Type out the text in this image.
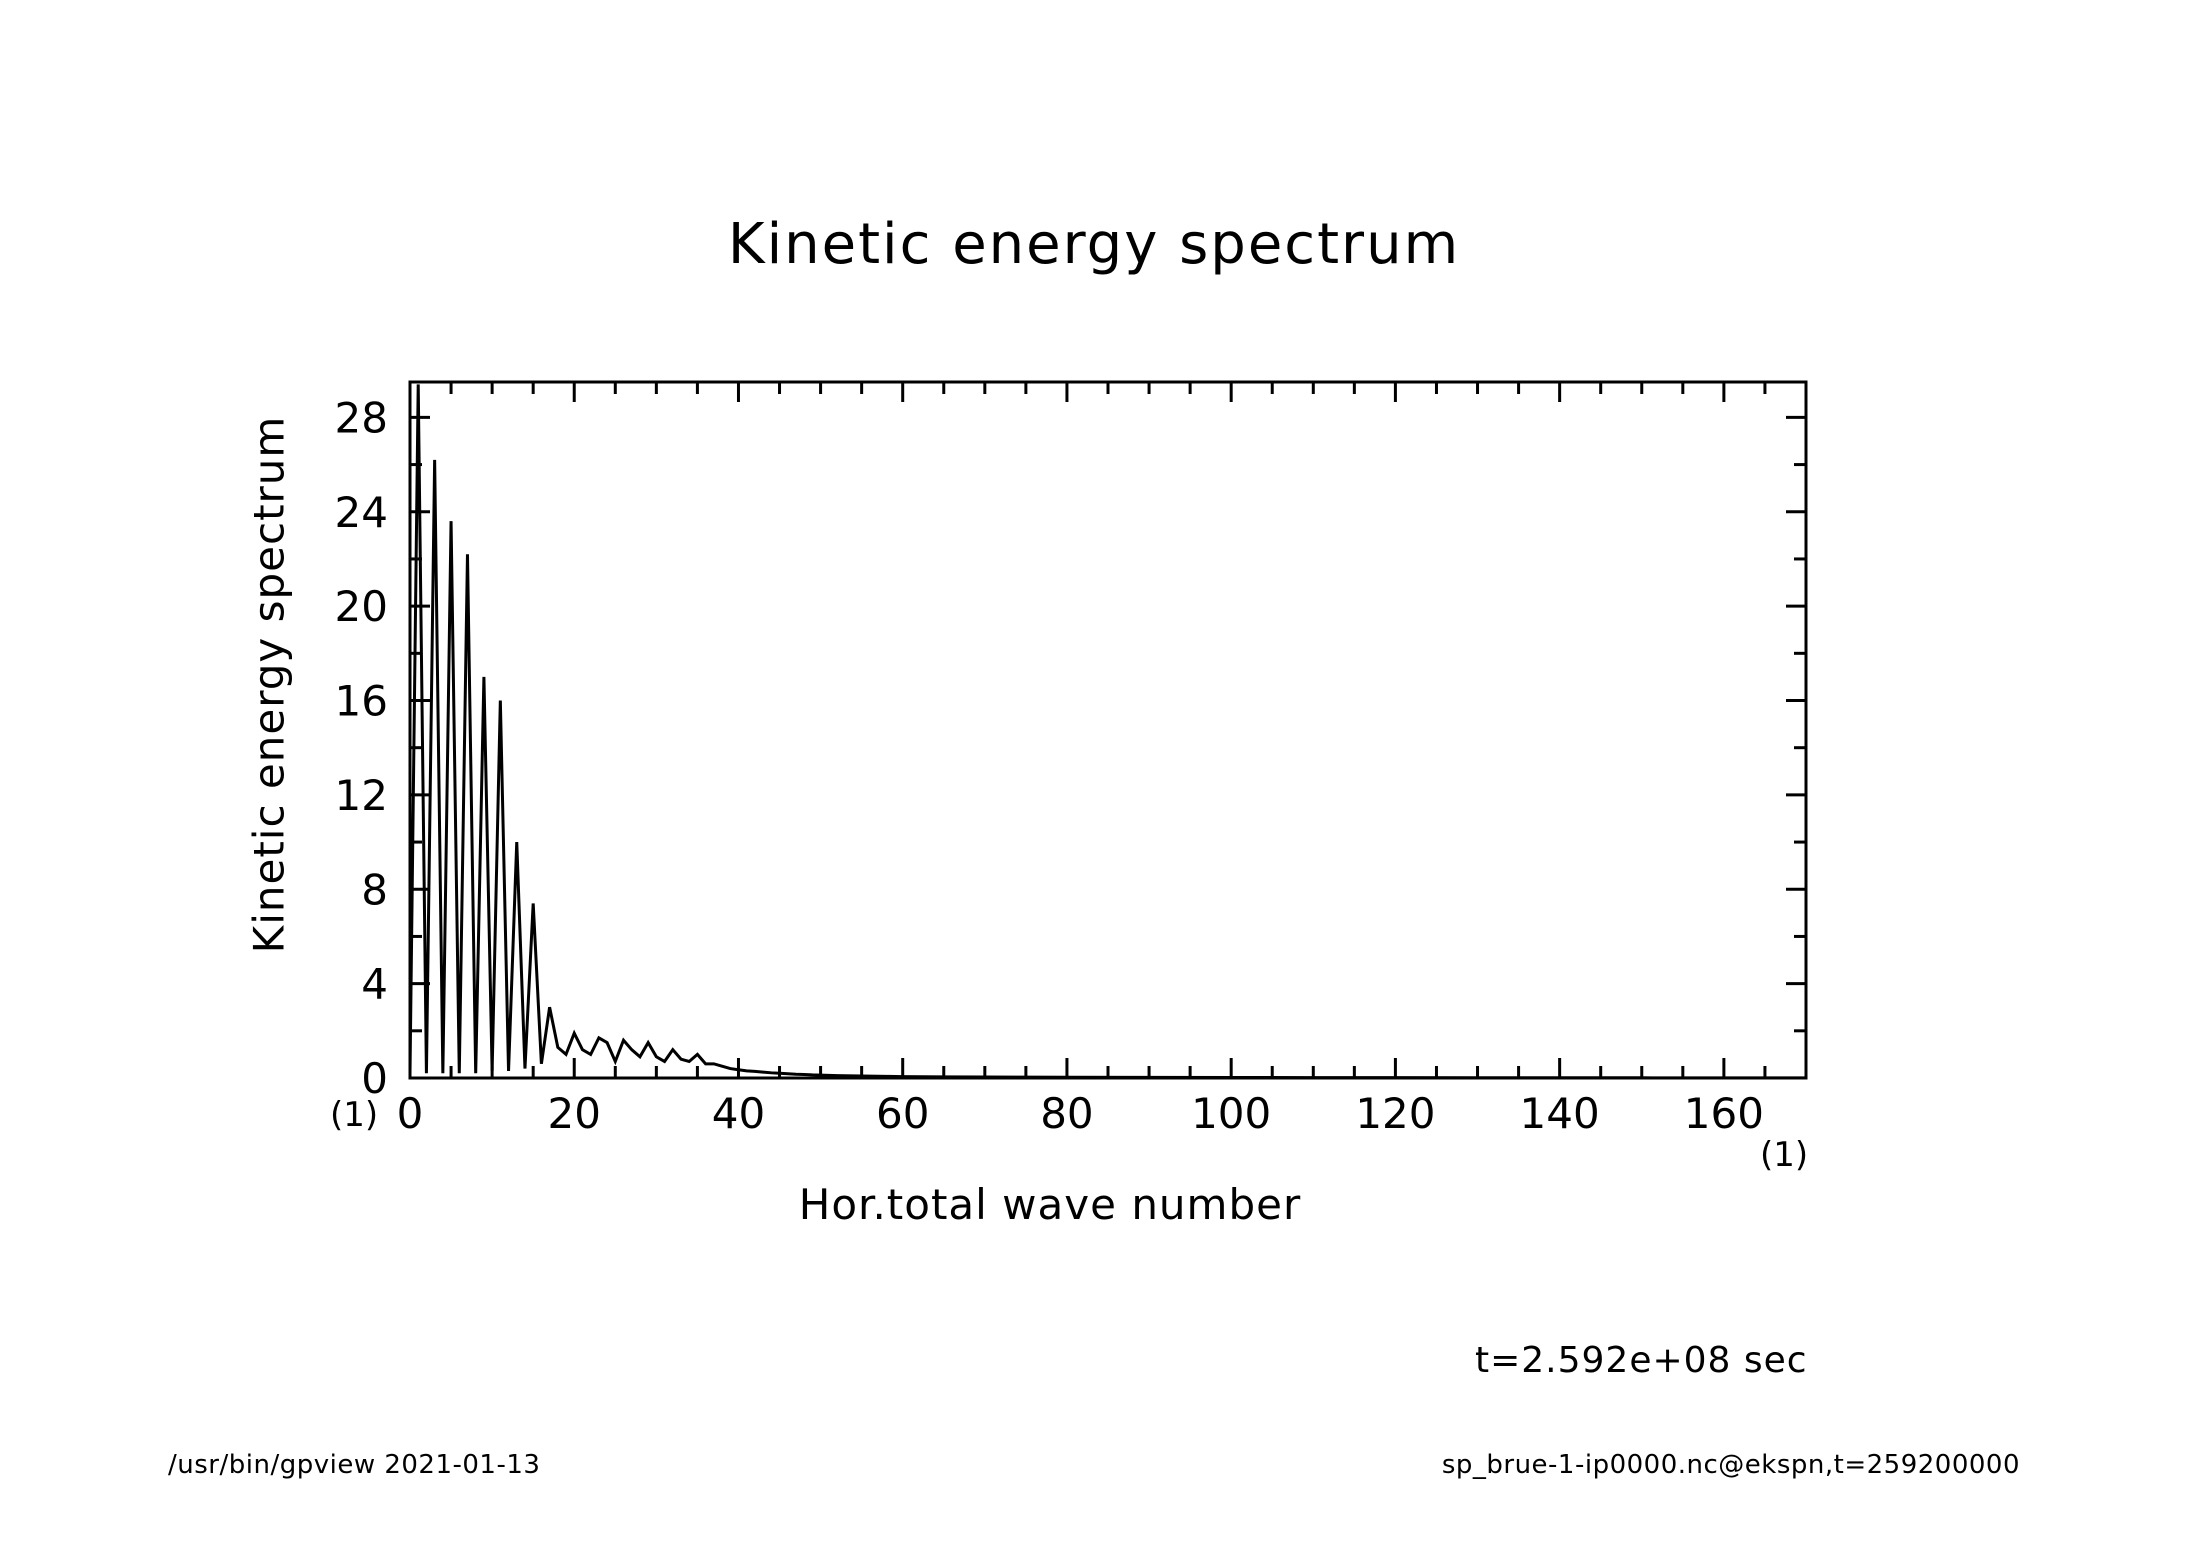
Kinetic energy spectrum
Kinetic energy spectrum
Hor.total wave number
(1)
(1)
t=2.592e+08 sec
/usr/bin/gpview 2021-01-13	sp_brue-1-ip0000.nc@ekspn,t=259200000
0	20	40	60	80 100 120 140 160
0
4
8
12
16
20
24
28
